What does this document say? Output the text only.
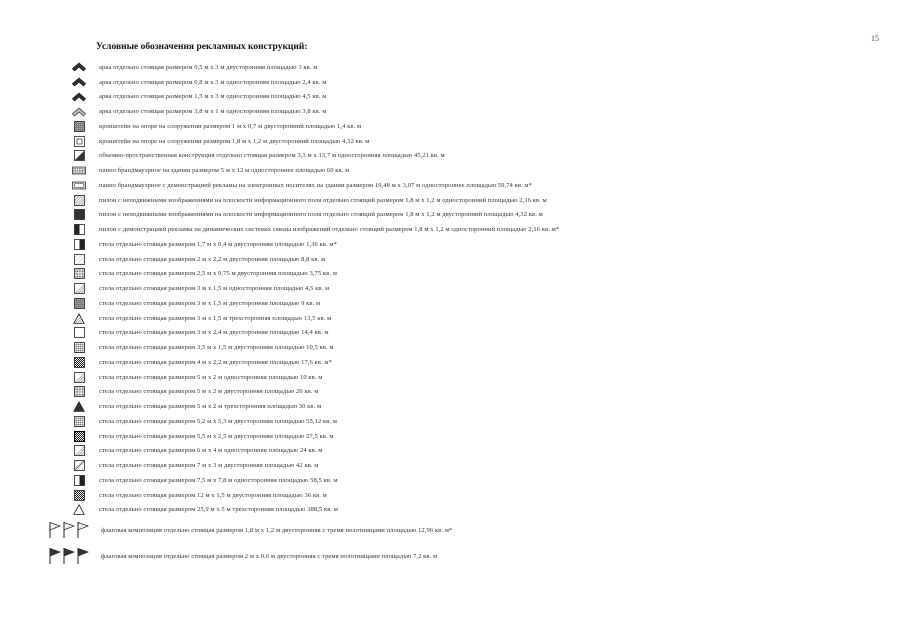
15
Условные обозначения рекламных конструкций:
арка отдельно стоящая размером 0,5 м х 3 м двусторонняя площадью 3 кв. м
арка отдельно стоящая размером 0,8 м х 3 м односторонняя площадью 2,4 кв. м
арка отдельно стоящая размером 1,5 м х 3 м односторонняя площадью 4,5 кв. м
арка отдельно стоящая размером 3,8 м х 1 м односторонняя площадью 3,8 кв. м
кронштейн на опоре на сооружении размером 1 м х 0,7 м двусторонний площадью 1,4 кв. м
кронштейн на опоре на сооружении размером 1,8 м х 1,2 м двусторонний площадью 4,32 кв. м
объемно-пространственная конструкция отдельно стоящая размером 3,3 м х 13,7 м односторонняя площадью 45,21 кв. м
панно брандмауэрное на здании размером 5 м х 12 м одностороннее площадью 60 кв. м
панно брандмауэрное с демонстрацией рекламы на электронных носителях на здании размером 19,48 м х 3,07 м одностороннее площадью 59,74 кв. м*
пилон с неподвижными изображениями на плоскости информационного поля отдельно стоящий размером 1,8 м х 1,2 м односторонний площадью 2,16 кв. м
пилон с неподвижными изображениями на плоскости информационного поля отдельно стоящий размером 1,8 м х 1,2 м двусторонний площадью 4,32 кв. м
пилон с демонстрацией рекламы на динамических системах смены изображений отдельно стоящий размером 1,8 м х 1,2 м односторонний площадью 2,16 кв. м*
стела отдельно стоящая размером 1,7 м х 0,4 м двусторонняя площадью 1,36 кв. м*
стела отдельно стоящая размером 2 м х 2,2 м двусторонняя площадью 8,8 кв. м
стела отдельно стоящая размером 2,5 м х 0,75 м двусторонняя площадью 3,75 кв. м
стела отдельно стоящая размером 3 м х 1,5 м односторонняя площадью 4,5 кв. м
стела отдельно стоящая размером 3 м х 1,5 м двусторонняя площадью 9 кв. м
стела отдельно стоящая размером 3 м х 1,5 м трехсторонняя площадью 13,5 кв. м
стела отдельно стоящая размером 3 м х 2,4 м двусторонняя площадью 14,4 кв. м
стела отдельно стоящая размером 3,5 м х 1,5 м двусторонняя площадью 10,5 кв. м
стела отдельно стоящая размером 4 м х 2,2 м двусторонняя площадью 17,6 кв. м*
стела отдельно стоящая размером 5 м х 2 м односторонняя площадью 10 кв. м
стела отдельно стоящая размером 5 м х 2 м двусторонняя площадью 20 кв. м
стела отдельно стоящая размером 5 м х 2 м трехсторонняя площадью 30 кв. м
стела отдельно стоящая размером 5,2 м х 5,3 м двусторонняя площадью 55,12 кв. м
стела отдельно стоящая размером 5,5 м х 2,5 м двусторонняя площадью 27,5 кв. м
стела отдельно стоящая размером 6 м х 4 м односторонняя площадью 24 кв. м
стела отдельно стоящая размером 7 м х 3 м двусторонняя площадью 42 кв. м
стела отдельно стоящая размером 7,5 м х 7,8 м односторонняя площадью 58,5 кв. м
стела отдельно стоящая размером 12 м х 1,5 м двусторонняя площадью 36 кв. м
стела отдельно стоящая размером 25,9 м х 5 м трехсторонняя площадью 388,5 кв. м
флаговая композиция отдельно стоящая размером 1,8 м х 1,2 м двусторонняя с тремя полотнищами площадью 12,96 кв. м*
флаговая композиция отдельно стоящая размером 2 м х 0,6 м двусторонняя с тремя полотнищами площадью 7,2 кв. м
